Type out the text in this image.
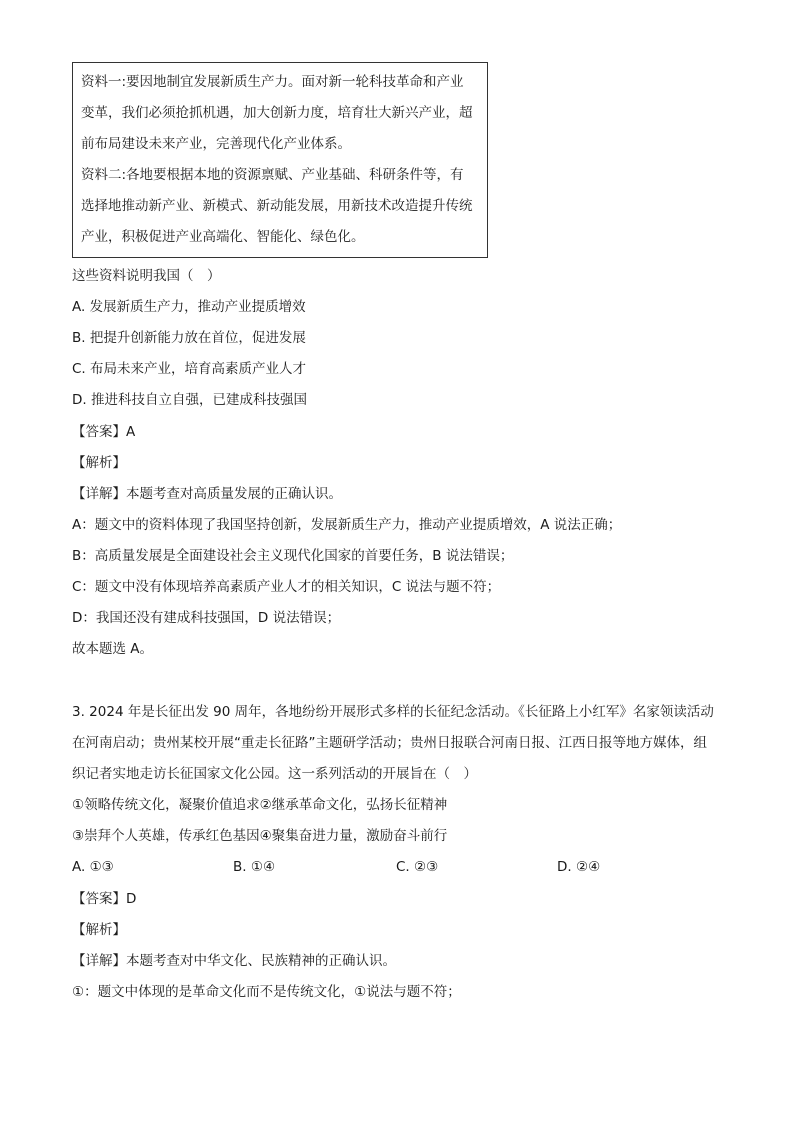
资料一:要因地制宜发展新质生产力。面对新一轮科技革命和产业
变革，我们必须抢抓机遇，加大创新力度，培育壮大新兴产业，超
前布局建设未来产业，完善现代化产业体系。
资料二:各地要根据本地的资源禀赋、产业基础、科研条件等，有
选择地推动新产业、新模式、新动能发展，用新技术改造提升传统
产业，积极促进产业高端化、智能化、绿色化。
这些资料说明我国（　）
A. 发展新质生产力，推动产业提质增效
B. 把提升创新能力放在首位，促进发展
C. 布局未来产业，培育高素质产业人才
D. 推进科技自立自强，已建成科技强国
【答案】A
【解析】
【详解】本题考查对高质量发展的正确认识。
A：题文中的资料体现了我国坚持创新，发展新质生产力，推动产业提质增效，A 说法正确；
B：高质量发展是全面建设社会主义现代化国家的首要任务，B 说法错误；
C：题文中没有体现培养高素质产业人才的相关知识，C 说法与题不符；
D：我国还没有建成科技强国，D 说法错误；
故本题选 A。
3. 2024 年是长征出发 90 周年，各地纷纷开展形式多样的长征纪念活动。《长征路上小红军》名家领读活动
在河南启动；贵州某校开展“重走长征路”主题研学活动；贵州日报联合河南日报、江西日报等地方媒体，组
织记者实地走访长征国家文化公园。这一系列活动的开展旨在（　）
①领略传统文化，凝聚价值追求②继承革命文化，弘扬长征精神
③崇拜个人英雄，传承红色基因④聚集奋进力量，激励奋斗前行
A. ①③	B. ①④	C. ②③	D. ②④
【答案】D
【解析】
【详解】本题考查对中华文化、民族精神的正确认识。
①：题文中体现的是革命文化而不是传统文化，①说法与题不符；
